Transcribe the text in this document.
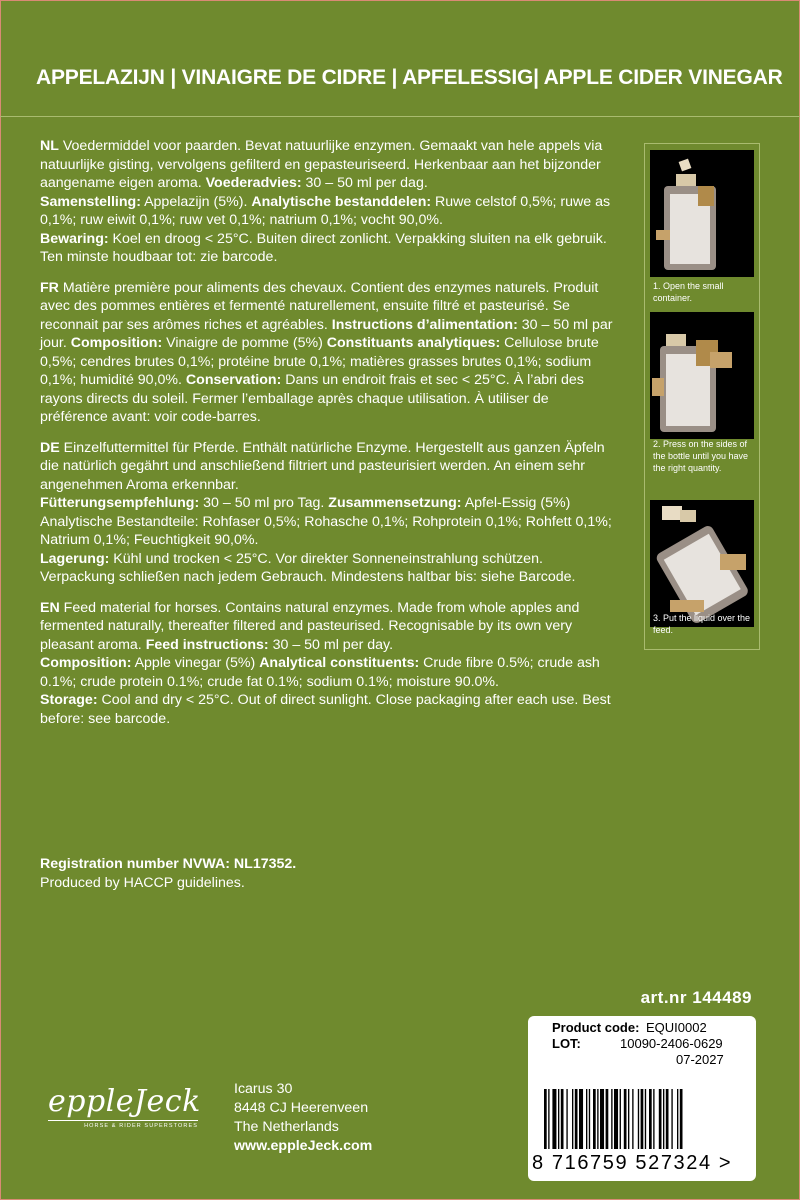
APPELAZIJN | VINAIGRE DE CIDRE | APFELESSIG| APPLE CIDER VINEGAR

NL Voedermiddel voor paarden. Bevat natuurlijke enzymen. Gemaakt van hele appels via natuurlijke gisting, vervolgens gefilterd en gepasteuriseerd. Herkenbaar aan het bijzonder aangename eigen aroma. Voederadvies: 30 – 50 ml per dag.
Samenstelling: Appelazijn (5%). Analytische bestanddelen: Ruwe celstof 0,5%; ruwe as 0,1%; ruw eiwit 0,1%; ruw vet 0,1%; natrium 0,1%; vocht 90,0%.
Bewaring: Koel en droog < 25°C. Buiten direct zonlicht. Verpakking sluiten na elk gebruik. Ten minste houdbaar tot: zie barcode.

FR Matière première pour aliments des chevaux. Contient des enzymes naturels. Produit avec des pommes entières et fermenté naturellement, ensuite filtré et pasteurisé. Se reconnait par ses arômes riches et agréables. Instructions d’alimentation: 30 – 50 ml par jour. Composition: Vinaigre de pomme (5%) Constituants analytiques: Cellulose brute 0,5%; cendres brutes 0,1%; protéine brute 0,1%; matières grasses brutes 0,1%; sodium 0,1%; humidité 90,0%. Conservation: Dans un endroit frais et sec < 25°C. À l’abri des rayons directs du soleil. Fermer l’emballage après chaque utilisation. À utiliser de préférence avant: voir code-barres.

DE Einzelfuttermittel für Pferde. Enthält natürliche Enzyme. Hergestellt aus ganzen Äpfeln die natürlich gegährt und anschließend filtriert und pasteurisiert werden. An einem sehr angenehmen Aroma erkennbar.
Fütterungsempfehlung: 30 – 50 ml pro Tag. Zusammensetzung: Apfel-Essig (5%) Analytische Bestandteile: Rohfaser 0,5%; Rohasche 0,1%; Rohprotein 0,1%; Rohfett 0,1%; Natrium 0,1%; Feuchtigkeit 90,0%.
Lagerung: Kühl und trocken < 25°C. Vor direkter Sonneneinstrahlung schützen. Verpackung schließen nach jedem Gebrauch. Mindestens haltbar bis: siehe Barcode.

EN Feed material for horses. Contains natural enzymes. Made from whole apples and fermented naturally, thereafter filtered and pasteurised. Recognisable by its own very pleasant aroma. Feed instructions: 30 – 50 ml per day.
Composition: Apple vinegar (5%) Analytical constituents: Crude fibre 0.5%; crude ash 0.1%; crude protein 0.1%; crude fat 0.1%; sodium 0.1%; moisture 90.0%.
Storage: Cool and dry < 25°C. Out of direct sunlight. Close packaging after each use. Best before: see barcode.

1. Open the small container.
2. Press on the sides of the bottle until you have the right quantity.
3. Put the liquid over the feed.
Registration number NVWA: NL17352.
Produced by HACCP guidelines.
art.nr 144489
Product code: EQUI0002
LOT:	10090-2406-0629
07-2027
8 716759 527324 >
eppleJeck
HORSE & RIDER SUPERSTORES
Icarus 30
8448 CJ Heerenveen
The Netherlands
www.eppleJeck.com
